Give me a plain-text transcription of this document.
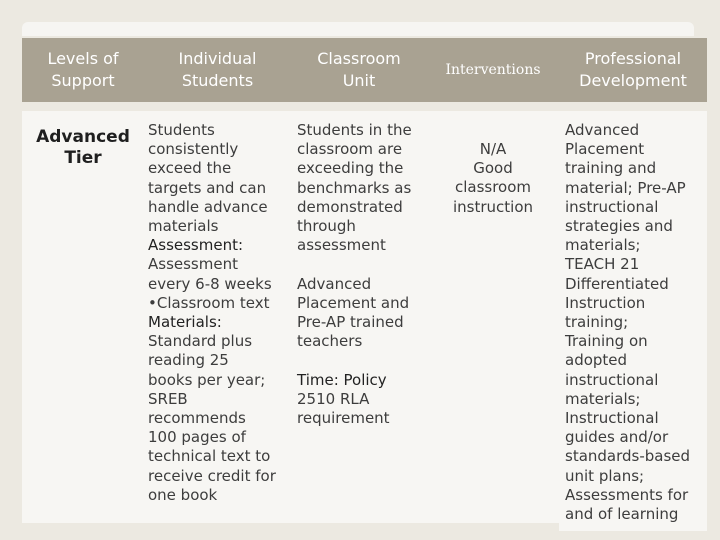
Levels of
Support
Individual
Students
Classroom
Unit
Interventions
Professional
Development
Advanced
Tier
Students
consistently
exceed the
targets and can
handle advance
materials
Assessment:
Assessment
every 6-8 weeks
•Classroom text
Materials:
Standard plus
reading 25
books per year;
SREB
recommends
100 pages of
technical text to
receive credit for
one book
Students in the
classroom are
exceeding the
benchmarks as
demonstrated
through
assessment
Advanced
Placement and
Pre-AP trained
teachers
Time: Policy
2510 RLA
requirement
N/A
Good
classroom
instruction
Advanced
Placement
training and
material; Pre-AP
instructional
strategies and
materials;
TEACH 21
Differentiated
Instruction
training;
Training on
adopted
instructional
materials;
Instructional
guides and/or
standards-based
unit plans;
Assessments for
and of learning
